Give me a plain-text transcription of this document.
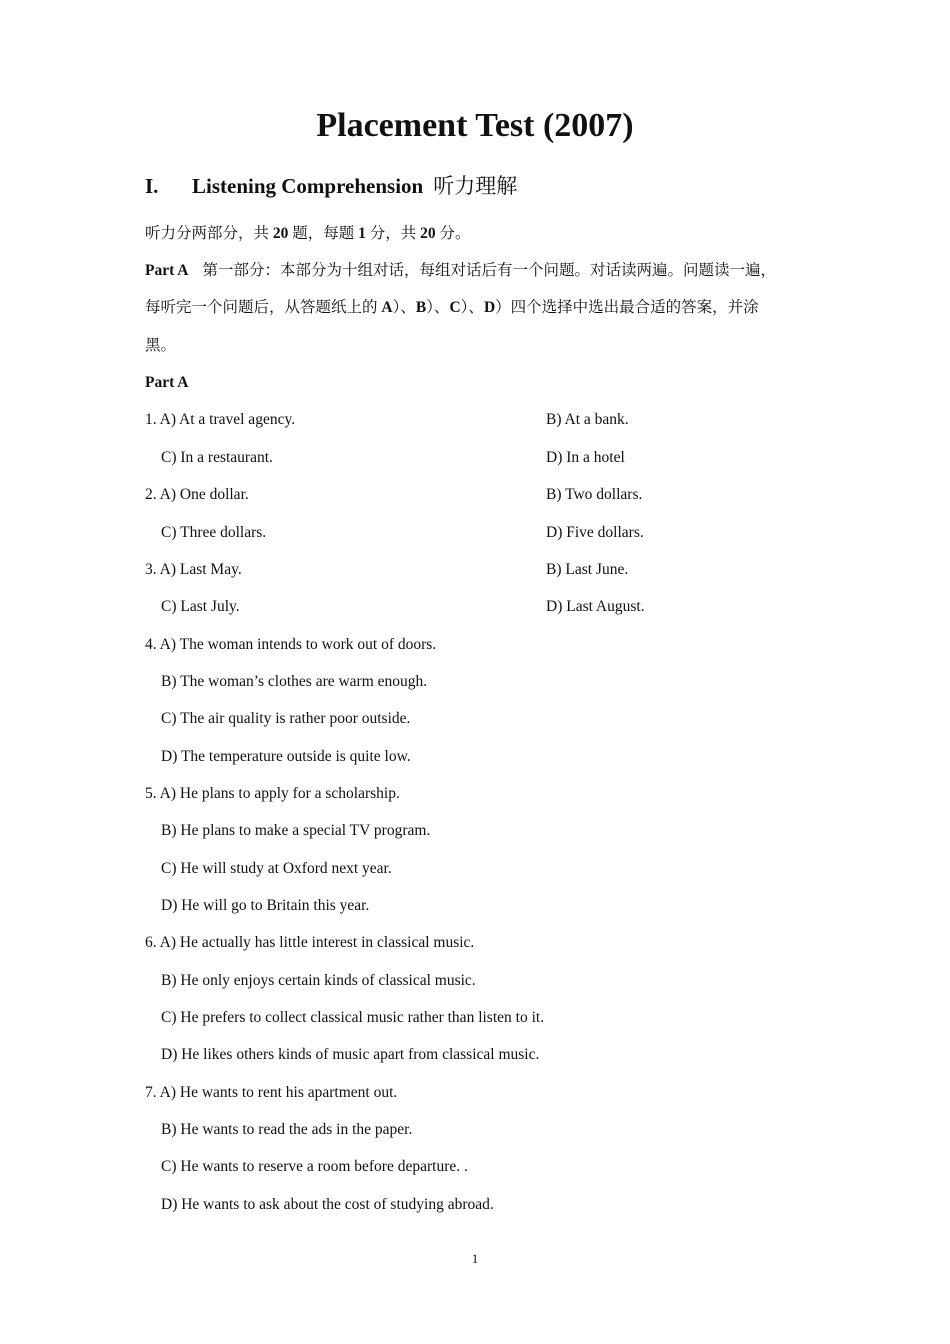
Placement Test (2007)
I. Listening Comprehension 听力理解
听力分两部分，共 20 题，每题 1 分，共 20 分。
Part A 第一部分：本部分为十组对话，每组对话后有一个问题。对话读两遍。问题读一遍，
每听完一个问题后，从答题纸上的 A）、B）、C）、D）四个选择中选出最合适的答案，并涂
黑。
Part A
1. A) At a travel agency.	B) At a bank.
C) In a restaurant.	D) In a hotel
2. A) One dollar.	B) Two dollars.
C) Three dollars.	D) Five dollars.
3. A) Last May.	B) Last June.
C) Last July.	D) Last August.
4. A) The woman intends to work out of doors.
B) The woman’s clothes are warm enough.
C) The air quality is rather poor outside.
D) The temperature outside is quite low.
5. A) He plans to apply for a scholarship.
B) He plans to make a special TV program.
C) He will study at Oxford next year.
D) He will go to Britain this year.
6. A) He actually has little interest in classical music.
B) He only enjoys certain kinds of classical music.
C) He prefers to collect classical music rather than listen to it.
D) He likes others kinds of music apart from classical music.
7. A) He wants to rent his apartment out.
B) He wants to read the ads in the paper.
C) He wants to reserve a room before departure. .
D) He wants to ask about the cost of studying abroad.
1
